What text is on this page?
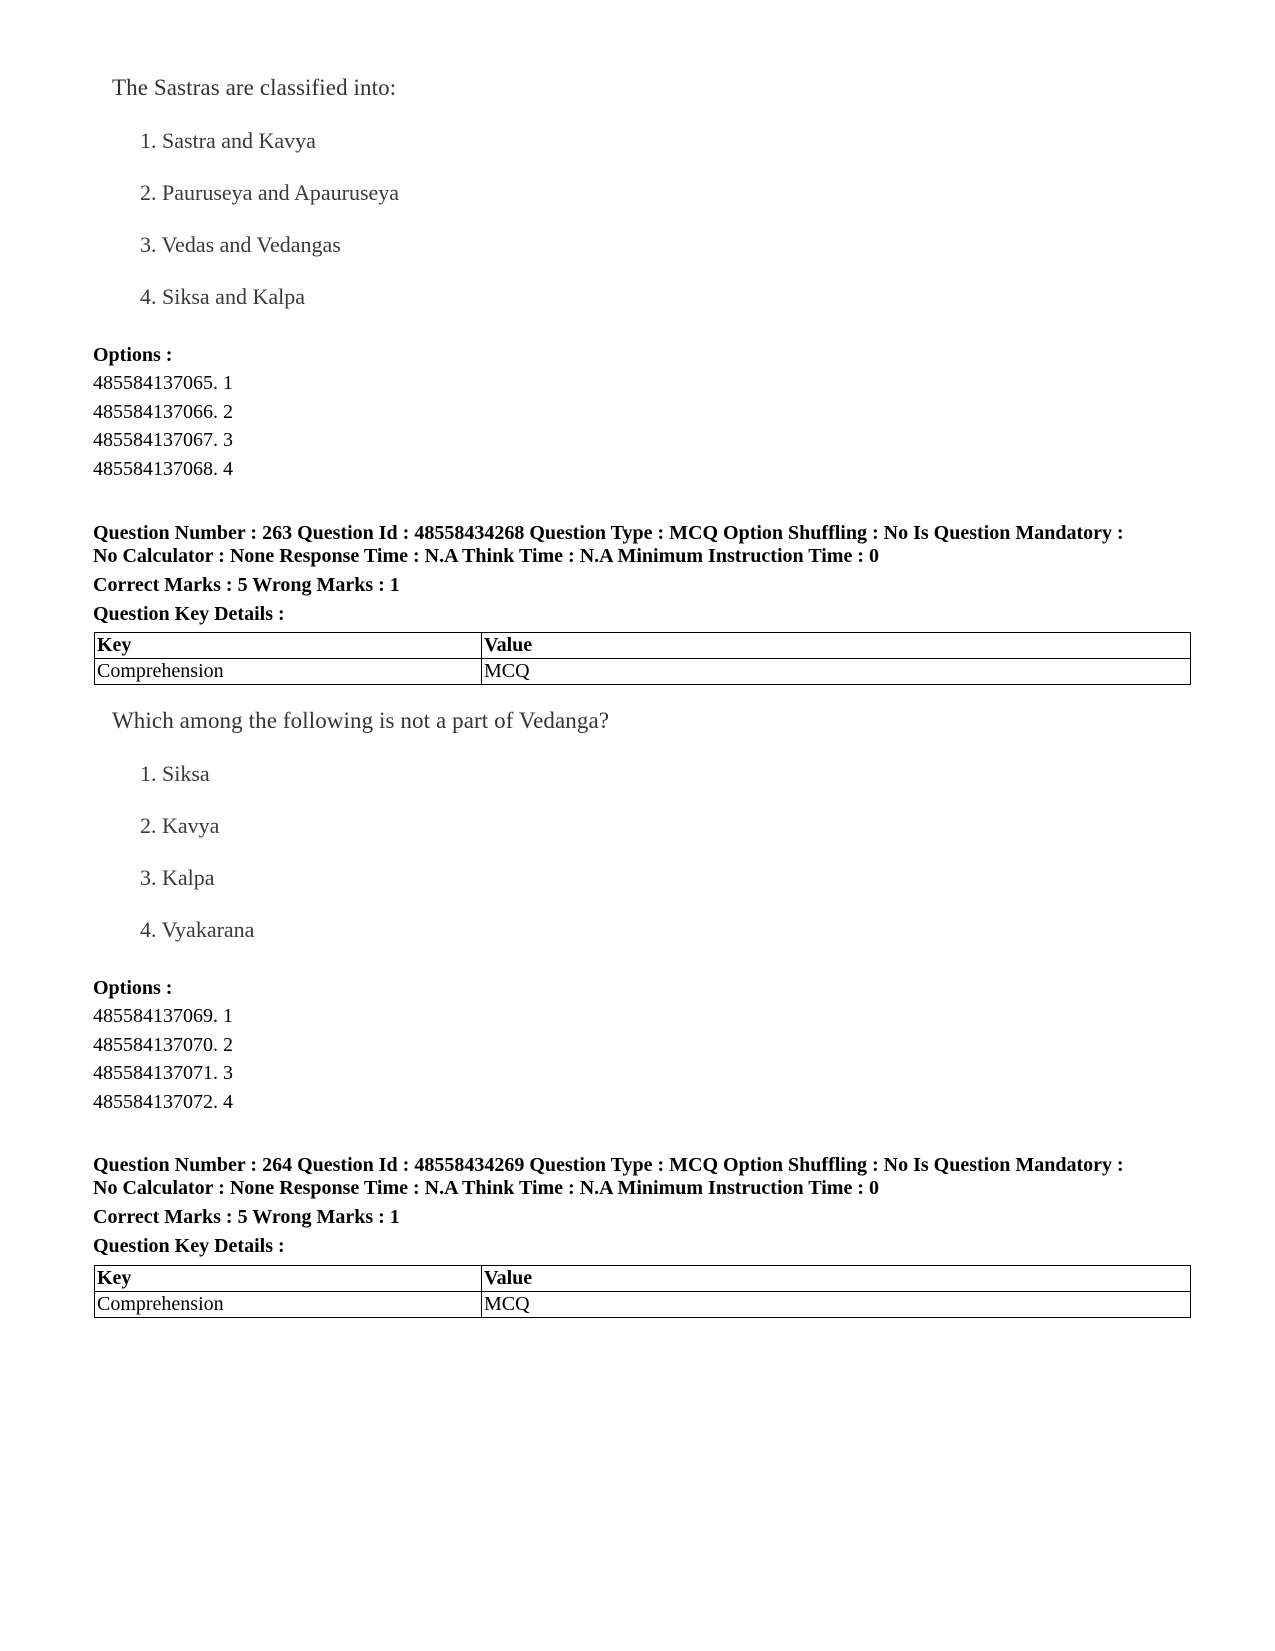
The Sastras are classified into:
1. Sastra and Kavya
2. Pauruseya and Apauruseya
3. Vedas and Vedangas
4. Siksa and Kalpa
Options :
485584137065. 1
485584137066. 2
485584137067. 3
485584137068. 4
Question Number : 263 Question Id : 48558434268 Question Type : MCQ Option Shuffling : No Is Question Mandatory :
No Calculator : None Response Time : N.A Think Time : N.A Minimum Instruction Time : 0
Correct Marks : 5 Wrong Marks : 1
Question Key Details :
Key	Value
Comprehension	MCQ
Which among the following is not a part of Vedanga?
1. Siksa
2. Kavya
3. Kalpa
4. Vyakarana
Options :
485584137069. 1
485584137070. 2
485584137071. 3
485584137072. 4
Question Number : 264 Question Id : 48558434269 Question Type : MCQ Option Shuffling : No Is Question Mandatory :
No Calculator : None Response Time : N.A Think Time : N.A Minimum Instruction Time : 0
Correct Marks : 5 Wrong Marks : 1
Question Key Details :
Key	Value
Comprehension	MCQ
